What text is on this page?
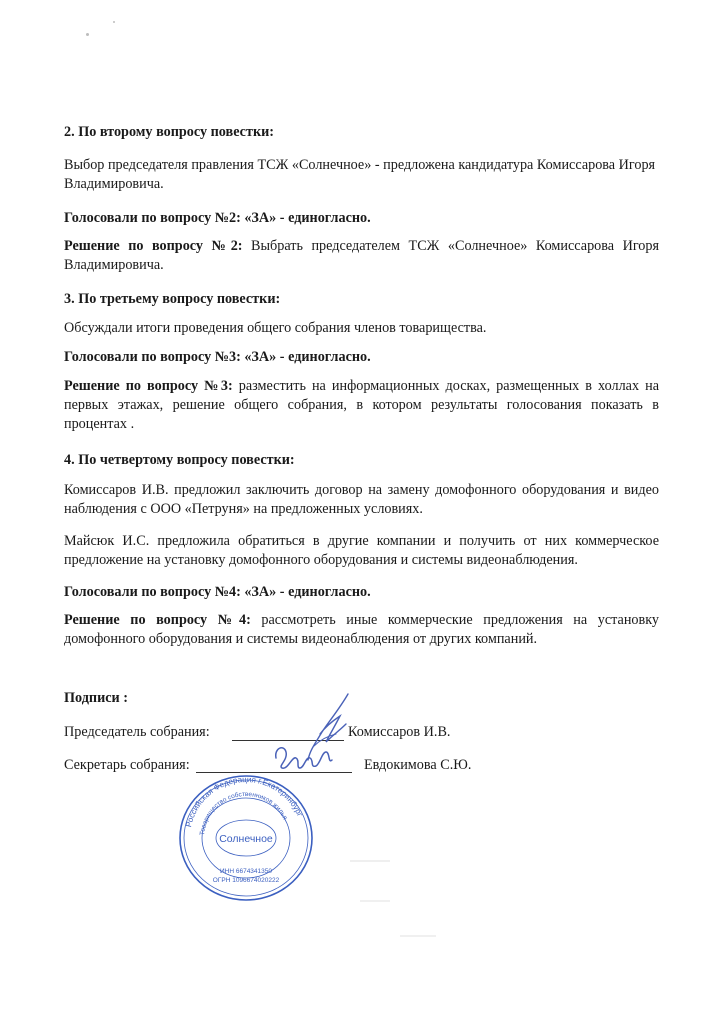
2. По второму вопросу повестки:
Выбор председателя правления ТСЖ «Солнечное» - предложена кандидатура Комиссарова Игоря Владимировича.
Голосовали по вопросу №2: «ЗА» - единогласно.
Решение по вопросу №2: Выбрать председателем ТСЖ «Солнечное» Комиссарова Игоря Владимировича.
3. По третьему вопросу повестки:
Обсуждали итоги проведения общего собрания членов товарищества.
Голосовали по вопросу №3: «ЗА» - единогласно.
Решение по вопросу №3: разместить на информационных досках, размещенных в холлах на первых этажах, решение общего собрания, в котором результаты голосования показать в процентах .
4. По четвертому вопросу повестки:
Комиссаров И.В. предложил заключить договор на замену домофонного оборудования и видео наблюдения с ООО «Петруня» на предложенных условиях.
Майсюк И.С. предложила обратиться в другие компании и получить от них коммерческое предложение на установку домофонного оборудования и системы видеонаблюдения.
Голосовали по вопросу №4: «ЗА» - единогласно.
Решение по вопросу №4: рассмотреть иные коммерческие предложения на установку домофонного оборудования и системы видеонаблюдения от других компаний.
Подписи :
Председатель собрания:	Комиссаров И.В.
Секретарь собрания:	Евдокимова С.Ю.
Российская Федерация г.Екатеринбург
Товарищество собственников жилья
Солнечное
ИНН 6674341350
ОГРН 1096674020222
